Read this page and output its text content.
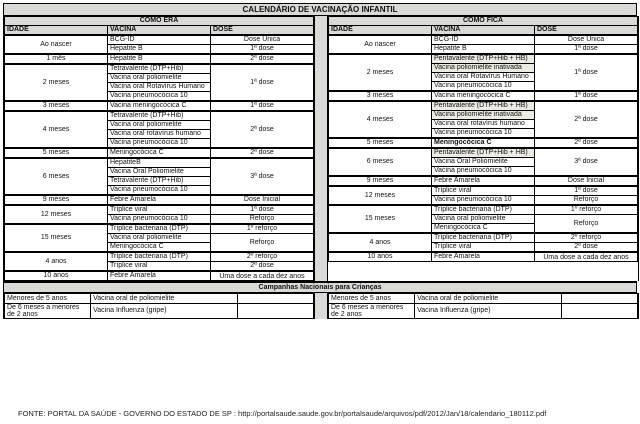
CALENDÁRIO DE VACINAÇÃO INFANTIL
COMO ERA		
IDADE	VACINA	DOSE
Ao nascer	BCG-ID	Dose Única
	Hepatite B	1ª dose
1 mês	Hepatite B	2ª dose
2 meses	Tetravalente (DTP+Hib)	1ª dose
	Vacina oral poliomielite	
	Vacina oral Rotavírus Humano	
	Vacina pneumocócica 10	
3 meses	Vacina meningocócica C	1ª dose
4 meses	Tetravalente (DTP+Hib)	2ª dose
	Vacina oral poliomielite	
	Vacina oral rotavírus humano	
	Vacina pneumocócica 10	
5 meses	Meningocócica C	2ª dose
6 meses	HepatiteB	3ª dose
	Vacina Oral Poliomielite	
	Tetravalente (DTP+Hib)	
	Vacina pneumocócica 10	
9 meses	Febre Amarela	Dose Inicial
12 meses	Tríplice viral	1ª dose
	Vacina pneumocócica 10	Reforço
15 meses	Tríplice bacteriana (DTP)	1º reforço
	Vacina oral poliomielite	Reforço
	Meningocócica C	
4 anos	Tríplice bacteriana (DTP)	2º reforço
	Tríplice viral	2ª dose
10 anos	Febre Amarela	Uma dose a cada dez anos
COMO FICA		
IDADE	VACINA	DOSE
Ao nascer	BCG-ID	Dose Única
	Hepatite B	1ª dose
2 meses	Pentavalente (DTP+Hib + HB)	1ª dose
	Vacina poliomielite inativada	
	Vacina oral Rotavírus Humano	
	Vacina pneumocócica 10	
3 meses	Vacina meningocócica C	1ª dose
4 meses	Pentavalente (DTP+Hib + HB)	2ª dose
	Vacina poliomielite inativada	
	Vacina oral rotavírus humano	
	Vacina pneumocócica 10	
5 meses	Meningocócica C	2ª dose
6 meses	Pentavalente (DTP+Hib + HB)	3ª dose
	Vacina Oral Poliomielite	
	Vacina pneumocócica 10	
9 meses	Febre Amarela	Dose Inicial
12 meses	Tríplice viral	1ª dose
	Vacina pneumocócica 10	Reforço
15 meses	Tríplice bacteriana (DTP)	1º reforço
	Vacina oral poliomielite	Reforço
	Meningocócica C	
4 anos	Tríplice bacteriana (DTP)	2º reforço
	Tríplice viral	2ª dose
10 anos	Febre Amarela	Uma dose a cada dez anos
Campanhas Nacionais para Crianças
Menores de 5 anos	Vacina oral de poliomielite	
De 6 meses a menores de 2 anos	Vacina Influenza (gripe)	
Menores de 5 anos	Vacina oral de poliomielite	
De 6 meses a menores de 2 anos	Vacina Influenza (gripe)	
FONTE: PORTAL DA SAÚDE - GOVERNO DO ESTADO DE SP : http://portalsaude.saude.gov.br/portalsaude/arquivos/pdf/2012/Jan/18/calendario_180112.pdf
